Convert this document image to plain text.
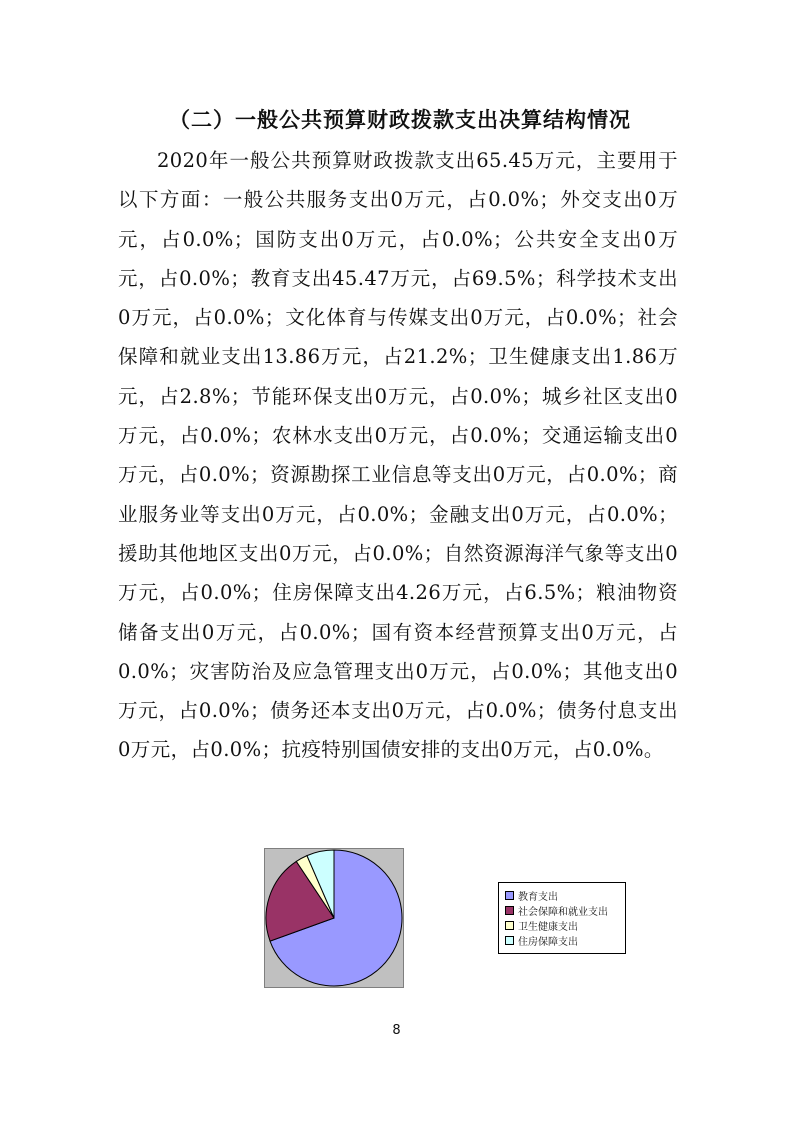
（二）一般公共预算财政拨款支出决算结构情况
2020年一般公共预算财政拨款支出65.45万元，主要用于以下方面：一般公共服务支出0万元，占0.0%；外交支出0万元，占0.0%；国防支出0万元，占0.0%；公共安全支出0万元，占0.0%；教育支出45.47万元，占69.5%；科学技术支出0万元，占0.0%；文化体育与传媒支出0万元，占0.0%；社会保障和就业支出13.86万元，占21.2%；卫生健康支出1.86万元，占2.8%；节能环保支出0万元，占0.0%；城乡社区支出0万元，占0.0%；农林水支出0万元，占0.0%；交通运输支出0万元，占0.0%；资源勘探工业信息等支出0万元，占0.0%；商业服务业等支出0万元，占0.0%；金融支出0万元，占0.0%；援助其他地区支出0万元，占0.0%；自然资源海洋气象等支出0万元，占0.0%；住房保障支出4.26万元，占6.5%；粮油物资储备支出0万元，占0.0%；国有资本经营预算支出0万元，占0.0%；灾害防治及应急管理支出0万元，占0.0%；其他支出0万元，占0.0%；债务还本支出0万元，占0.0%；债务付息支出0万元，占0.0%；抗疫特别国债安排的支出0万元，占0.0%。
教育支出
社会保障和就业支出
卫生健康支出
住房保障支出
8
